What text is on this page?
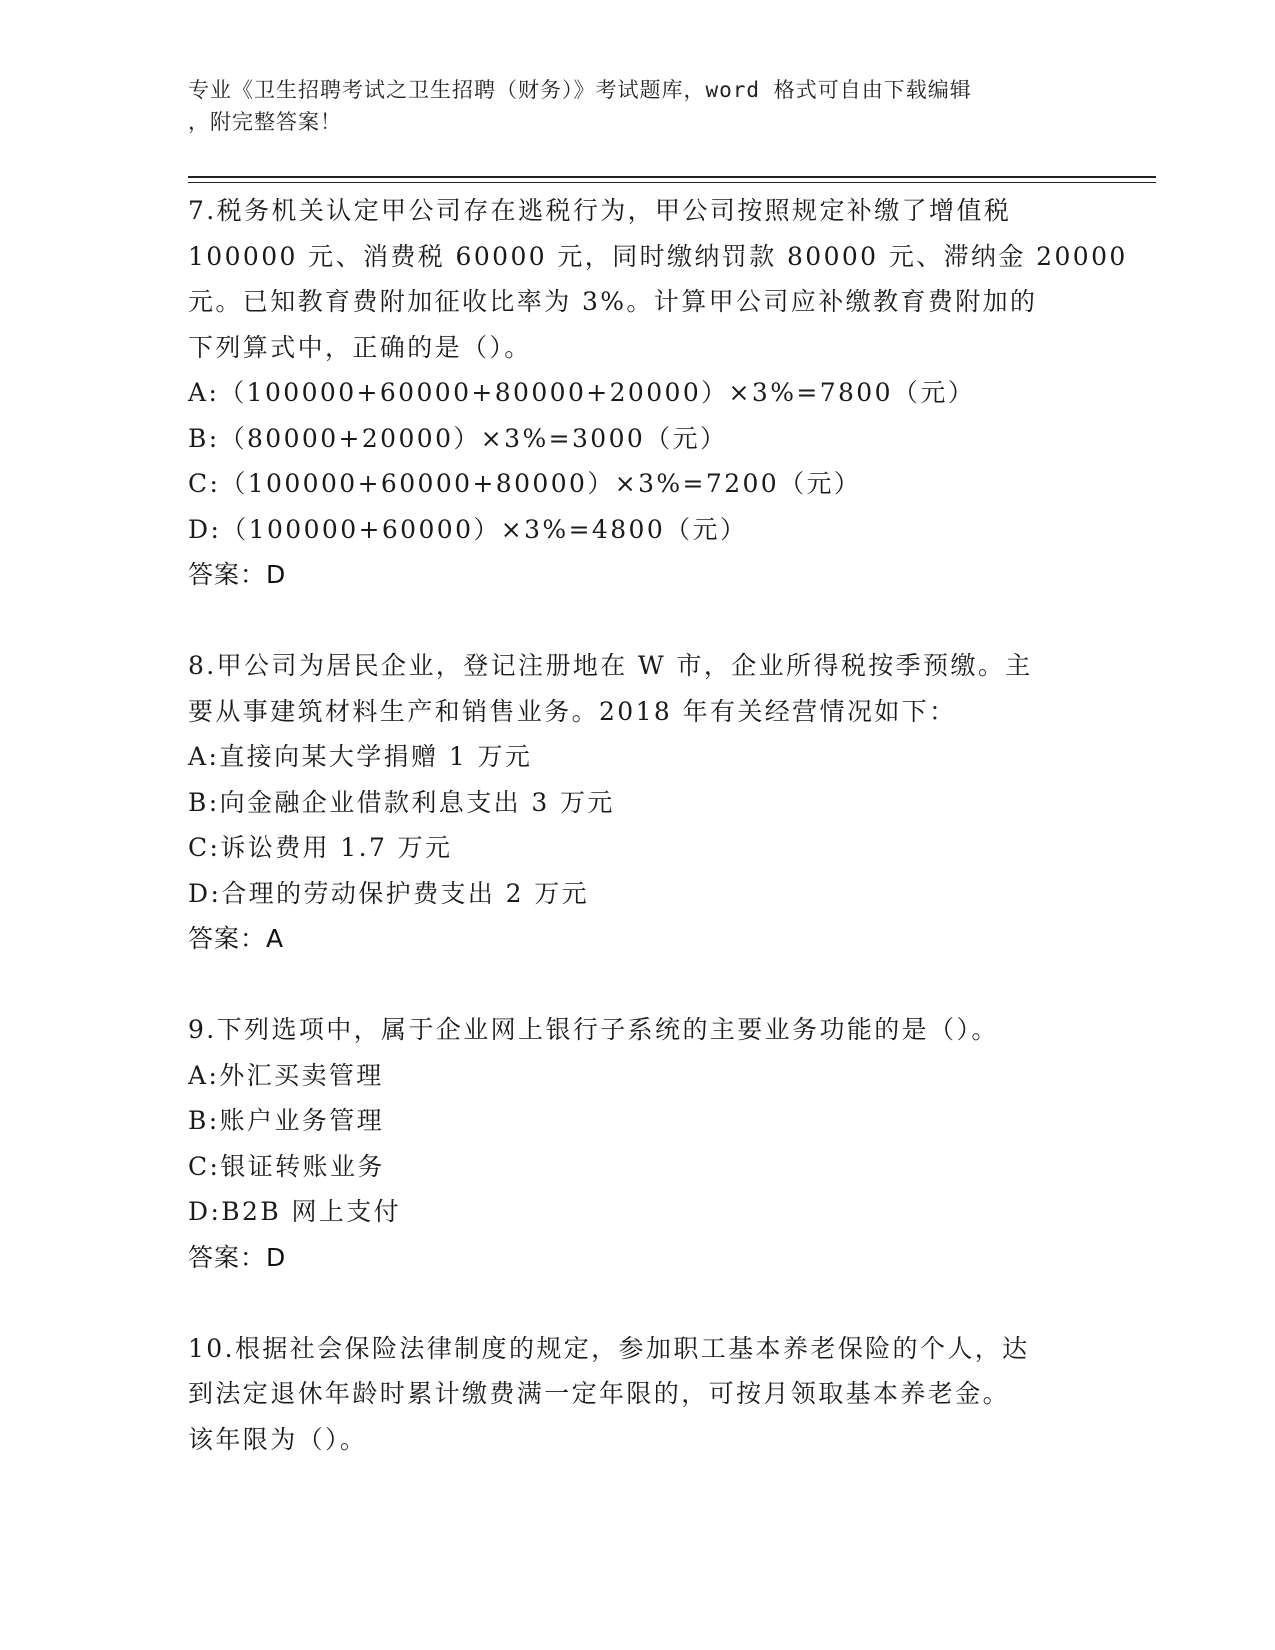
专业《卫生招聘考试之卫生招聘（财务）》考试题库，word 格式可自由下载编辑
，附完整答案！
7.税务机关认定甲公司存在逃税行为，甲公司按照规定补缴了增值税
100000 元、消费税 60000 元，同时缴纳罚款 80000 元、滞纳金 20000
元。已知教育费附加征收比率为 3%。计算甲公司应补缴教育费附加的
下列算式中，正确的是（）。
A:（100000+60000+80000+20000）×3%=7800（元）
B:（80000+20000）×3%=3000（元）
C:（100000+60000+80000）×3%=7200（元）
D:（100000+60000）×3%=4800（元）
答案：D
8.甲公司为居民企业，登记注册地在 W 市，企业所得税按季预缴。主
要从事建筑材料生产和销售业务。2018 年有关经营情况如下：
A:直接向某大学捐赠 1 万元
B:向金融企业借款利息支出 3 万元
C:诉讼费用 1.7 万元
D:合理的劳动保护费支出 2 万元
答案：A
9.下列选项中，属于企业网上银行子系统的主要业务功能的是（）。
A:外汇买卖管理
B:账户业务管理
C:银证转账业务
D:B2B 网上支付
答案：D
10.根据社会保险法律制度的规定，参加职工基本养老保险的个人，达
到法定退休年龄时累计缴费满一定年限的，可按月领取基本养老金。
该年限为（）。
